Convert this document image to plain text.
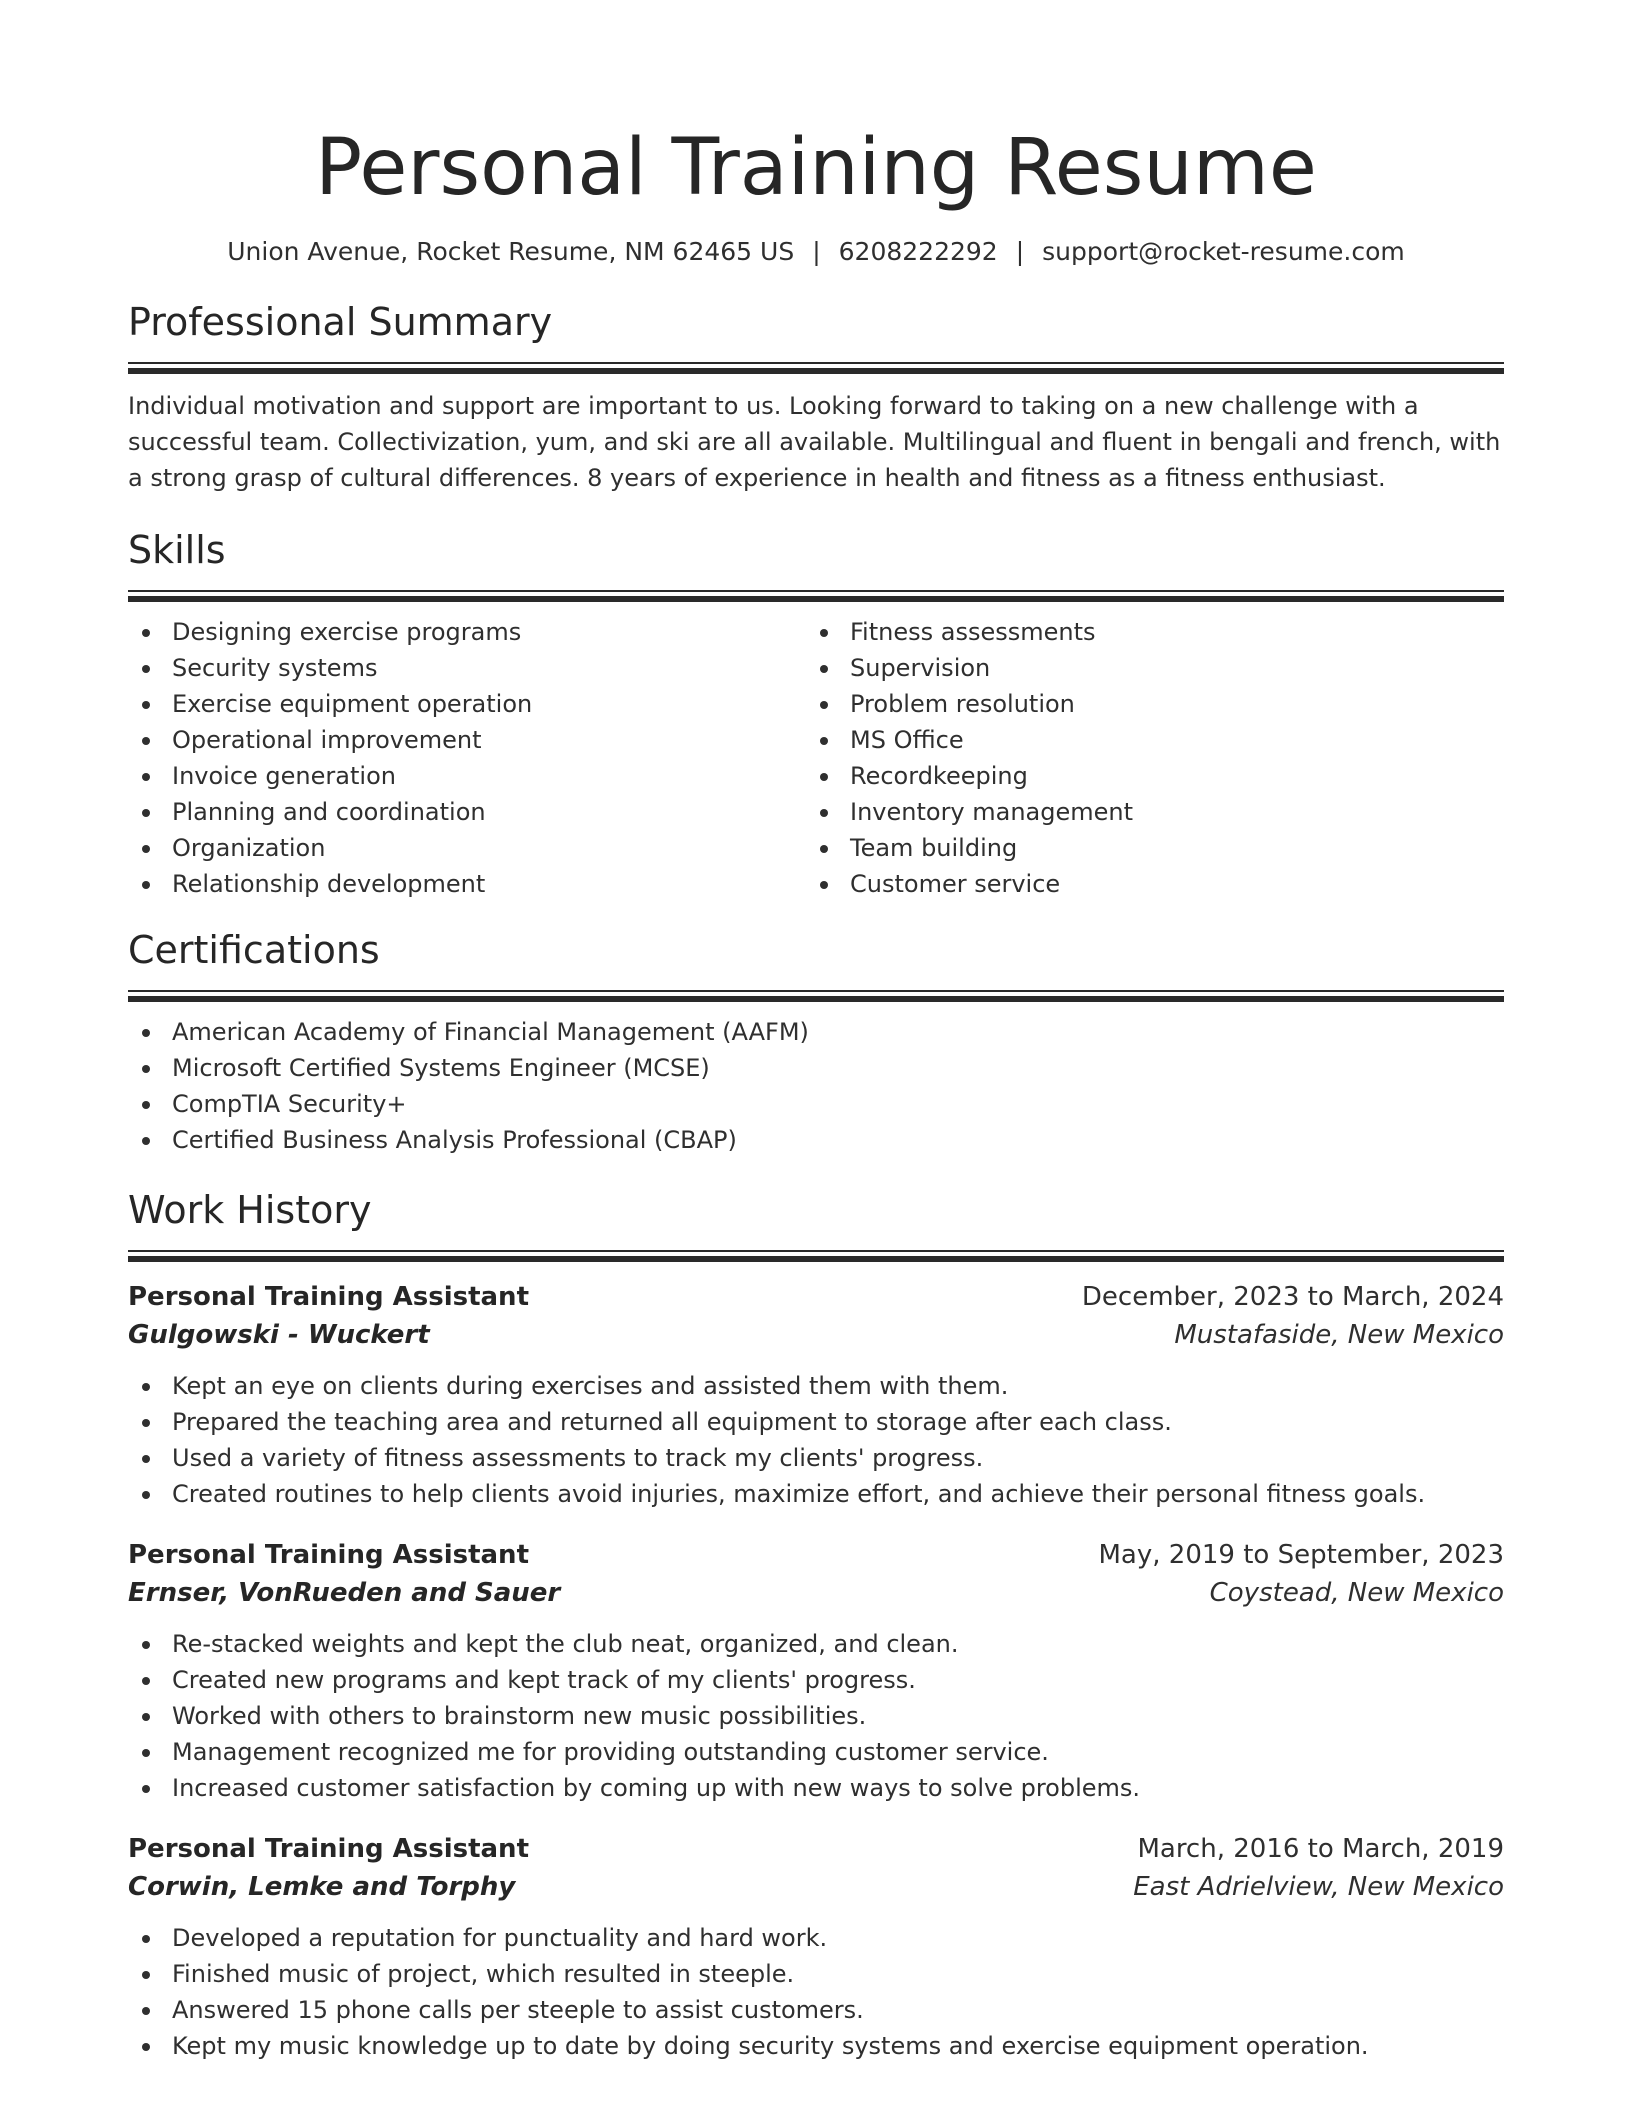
Personal Training Resume
Union Avenue, Rocket Resume, NM 62465 US | 6208222292 | support@rocket-resume.com
Professional Summary

Individual motivation and support are important to us. Looking forward to taking on a new challenge with a successful team. Collectivization, yum, and ski are all available. Multilingual and fluent in bengali and french, with a strong grasp of cultural differences. 8 years of experience in health and fitness as a fitness enthusiast.

Skills
Designing exercise programs
Security systems
Exercise equipment operation
Operational improvement
Invoice generation
Planning and coordination
Organization
Relationship development
Fitness assessments
Supervision
Problem resolution
MS Office
Recordkeeping
Inventory management
Team building
Customer service
Certifications
American Academy of Financial Management (AAFM)
Microsoft Certified Systems Engineer (MCSE)
CompTIA Security+
Certified Business Analysis Professional (CBAP)
Work History
Personal Training Assistant	December, 2023 to March, 2024
Gulgowski - Wuckert	Mustafaside, New Mexico
Kept an eye on clients during exercises and assisted them with them.
Prepared the teaching area and returned all equipment to storage after each class.
Used a variety of fitness assessments to track my clients' progress.
Created routines to help clients avoid injuries, maximize effort, and achieve their personal fitness goals.
Personal Training Assistant	May, 2019 to September, 2023
Ernser, VonRueden and Sauer	Coystead, New Mexico
Re-stacked weights and kept the club neat, organized, and clean.
Created new programs and kept track of my clients' progress.
Worked with others to brainstorm new music possibilities.
Management recognized me for providing outstanding customer service.
Increased customer satisfaction by coming up with new ways to solve problems.
Personal Training Assistant	March, 2016 to March, 2019
Corwin, Lemke and Torphy	East Adrielview, New Mexico
Developed a reputation for punctuality and hard work.
Finished music of project, which resulted in steeple.
Answered 15 phone calls per steeple to assist customers.
Kept my music knowledge up to date by doing security systems and exercise equipment operation.
